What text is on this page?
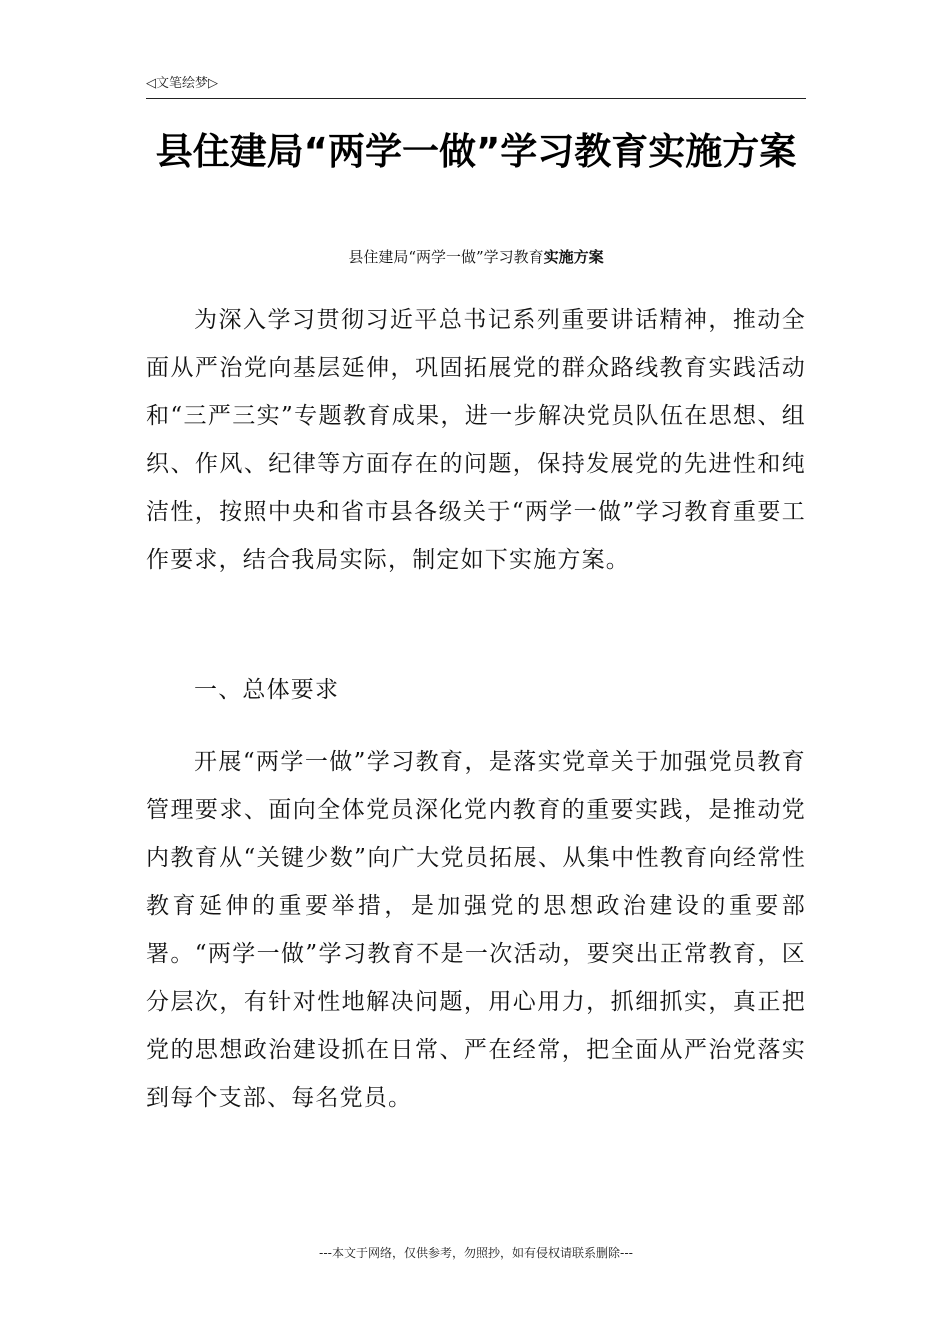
◁文笔绘梦▷
县住建局“两学一做”学习教育实施方案
县住建局“两学一做”学习教育实施方案

为深入学习贯彻习近平总书记系列重要讲话精神，推动全面从严治党向基层延伸，巩固拓展党的群众路线教育实践活动和“三严三实”专题教育成果，进一步解决党员队伍在思想、组织、作风、纪律等方面存在的问题，保持发展党的先进性和纯洁性，按照中央和省市县各级关于“两学一做”学习教育重要工作要求，结合我局实际，制定如下实施方案。

一、总体要求

开展“两学一做”学习教育，是落实党章关于加强党员教育管理要求、面向全体党员深化党内教育的重要实践，是推动党内教育从“关键少数”向广大党员拓展、从集中性教育向经常性教育延伸的重要举措，是加强党的思想政治建设的重要部署。“两学一做”学习教育不是一次活动，要突出正常教育，区分层次，有针对性地解决问题，用心用力，抓细抓实，真正把党的思想政治建设抓在日常、严在经常，把全面从严治党落实到每个支部、每名党员。

---本文于网络，仅供参考，勿照抄，如有侵权请联系删除---
